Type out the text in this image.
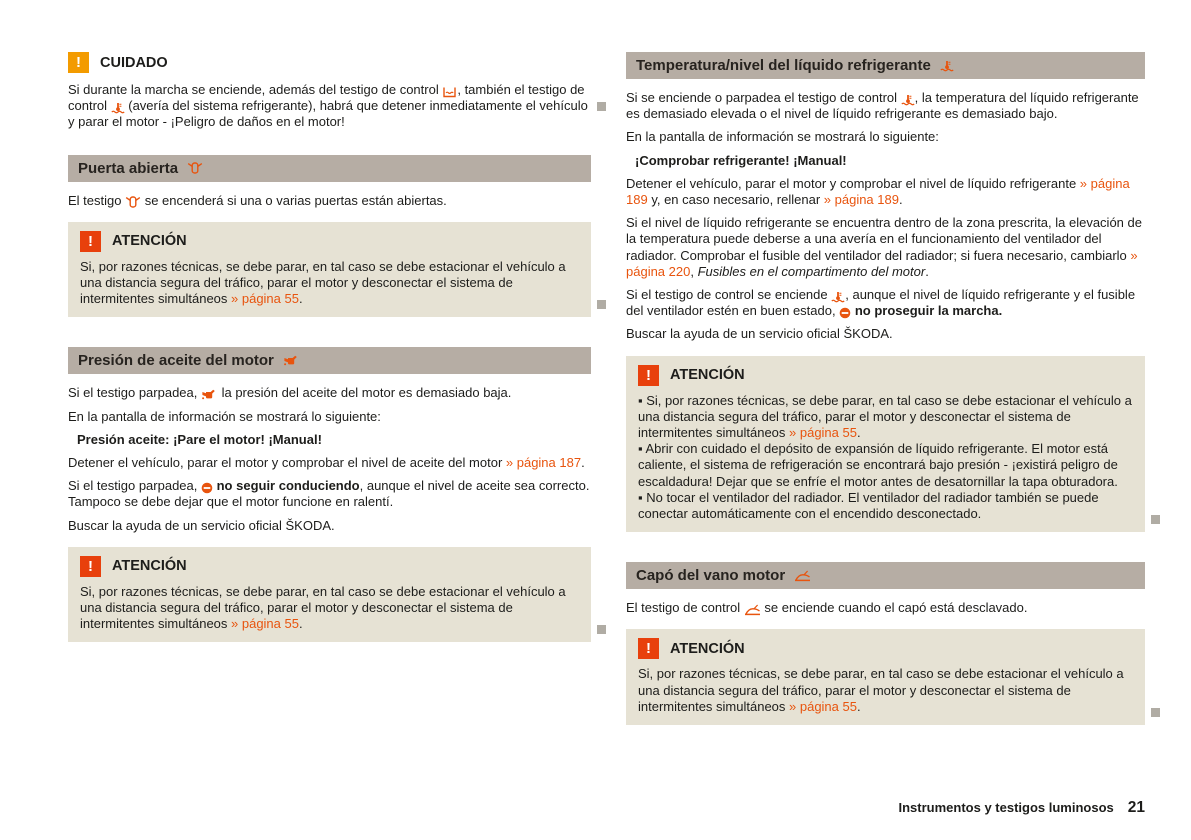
!	CUIDADO
Si durante la marcha se enciende, además del testigo de control , también el testigo de control  (avería del sistema refrigerante), habrá que detener inmediatamente el vehículo y parar el motor - ¡Peligro de daños en el motor!
Puerta abierta
El testigo  se encenderá si una o varias puertas están abiertas.
!	ATENCIÓN
Si, por razones técnicas, se debe parar, en tal caso se debe estacionar el vehículo a una distancia segura del tráfico, parar el motor y desconectar el sistema de intermitentes simultáneos » página 55.
Presión de aceite del motor
Si el testigo parpadea,  la presión del aceite del motor es demasiado baja.
En la pantalla de información se mostrará lo siguiente:
Presión aceite: ¡Pare el motor! ¡Manual!
Detener el vehículo, parar el motor y comprobar el nivel de aceite del motor » página 187.
Si el testigo parpadea,  no seguir conduciendo, aunque el nivel de aceite sea correcto. Tampoco se debe dejar que el motor funcione en ralentí.
Buscar la ayuda de un servicio oficial ŠKODA.
!	ATENCIÓN
Si, por razones técnicas, se debe parar, en tal caso se debe estacionar el vehículo a una distancia segura del tráfico, parar el motor y desconectar el sistema de intermitentes simultáneos » página 55.
Temperatura/nivel del líquido refrigerante
Si se enciende o parpadea el testigo de control , la temperatura del líquido refrigerante es demasiado elevada o el nivel de líquido refrigerante es demasiado bajo.
En la pantalla de información se mostrará lo siguiente:
¡Comprobar refrigerante! ¡Manual!
Detener el vehículo, parar el motor y comprobar el nivel de líquido refrigerante » página 189 y, en caso necesario, rellenar » página 189.
Si el nivel de líquido refrigerante se encuentra dentro de la zona prescrita, la elevación de la temperatura puede deberse a una avería en el funcionamiento del ventilador del radiador. Comprobar el fusible del ventilador del radiador; si fuera necesario, cambiarlo » página 220, Fusibles en el compartimento del motor.
Si el testigo de control se enciende , aunque el nivel de líquido refrigerante y el fusible del ventilador estén en buen estado,  no proseguir la marcha.
Buscar la ayuda de un servicio oficial ŠKODA.
!	ATENCIÓN
▪ Si, por razones técnicas, se debe parar, en tal caso se debe estacionar el vehículo a una distancia segura del tráfico, parar el motor y desconectar el sistema de intermitentes simultáneos » página 55.
▪ Abrir con cuidado el depósito de expansión de líquido refrigerante. El motor está caliente, el sistema de refrigeración se encontrará bajo presión - ¡existirá peligro de escaldadura! Dejar que se enfríe el motor antes de desatornillar la tapa obturadora.
▪ No tocar el ventilador del radiador. El ventilador del radiador también se puede conectar automáticamente con el encendido desconectado.
Capó del vano motor
El testigo de control  se enciende cuando el capó está desclavado.
!	ATENCIÓN
Si, por razones técnicas, se debe parar, en tal caso se debe estacionar el vehículo a una distancia segura del tráfico, parar el motor y desconectar el sistema de intermitentes simultáneos » página 55.
Instrumentos y testigos luminosos 21
